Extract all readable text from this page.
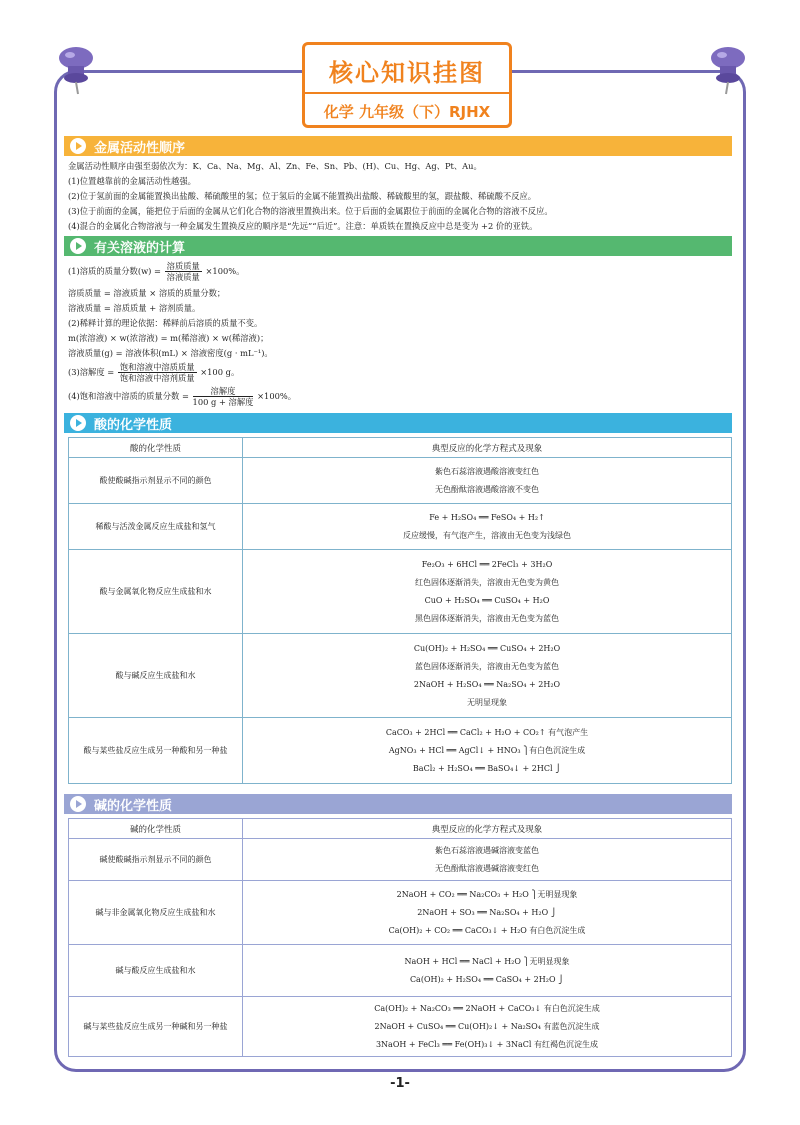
核心知识挂图
化学 九年级（下）RJHX
金属活动性顺序
金属活动性顺序由强至弱依次为：K、Ca、Na、Mg、Al、Zn、Fe、Sn、Pb、(H)、Cu、Hg、Ag、Pt、Au。
(1)位置越靠前的金属活动性越强。
(2)位于氢前面的金属能置换出盐酸、稀硫酸里的氢；位于氢后的金属不能置换出盐酸、稀硫酸里的氢，跟盐酸、稀硫酸不反应。
(3)位于前面的金属，能把位于后面的金属从它们化合物的溶液里置换出来。位于后面的金属跟位于前面的金属化合物的溶液不反应。
(4)混合的金属化合物溶液与一种金属发生置换反应的顺序是“先远”“后近”。注意：单质铁在置换反应中总是变为 +2 价的亚铁。
有关溶液的计算
(1)溶质的质量分数$(w) = \frac{\text{溶质质量}}{\text{溶液质量}} \times 100\%$。
溶质质量 = 溶液质量 × 溶质的质量分数；
溶液质量 = 溶质质量 + 溶剂质量。
(2)稀释计算的理论依据：稀释前后溶质的质量不变。
m(浓溶液) × w(浓溶液) = m(稀溶液) × w(稀溶液)；
溶液质量(g) = 溶液体积(mL) × 溶液密度(g · mL⁻¹)。
(3)溶解度 = $\frac{\text{饱和溶液中溶质质量}}{\text{饱和溶液中溶剂质量}} \times 100$ g。
(4)饱和溶液中溶质的质量分数 = $\frac{\text{溶解度}}{\text{100 g + 溶解度}} \times 100\%$。
酸的化学性质
酸的化学性质	典型反应的化学方程式及现象
酸使酸碱指示剂显示不同的颜色	紫色石蕊溶液遇酸溶液变红色
无色酚酞溶液遇酸溶液不变色

稀酸与活泼金属反应生成盐和氢气	Fe + H₂SO₄ ══ FeSO₄ + H₂↑
反应缓慢，有气泡产生，溶液由无色变为浅绿色

酸与金属氧化物反应生成盐和水	Fe₂O₃ + 6HCl ══ 2FeCl₃ + 3H₂O
红色固体逐渐消失，溶液由无色变为黄色
CuO + H₂SO₄ ══ CuSO₄ + H₂O
黑色固体逐渐消失，溶液由无色变为蓝色

酸与碱反应生成盐和水	Cu(OH)₂ + H₂SO₄ ══ CuSO₄ + 2H₂O
蓝色固体逐渐消失，溶液由无色变为蓝色
2NaOH + H₂SO₄ ══ Na₂SO₄ + 2H₂O
无明显现象

酸与某些盐反应生成另一种酸和另一种盐	CaCO₃ + 2HCl ══ CaCl₂ + H₂O + CO₂↑ 有气泡产生
AgNO₃ + HCl ══ AgCl↓ + HNO₃ ⎫有白色沉淀生成
BaCl₂ + H₂SO₄ ══ BaSO₄↓ + 2HCl ⎭
碱的化学性质
碱的化学性质	典型反应的化学方程式及现象
碱使酸碱指示剂显示不同的颜色	紫色石蕊溶液遇碱溶液变蓝色
无色酚酞溶液遇碱溶液变红色

碱与非金属氧化物反应生成盐和水	2NaOH + CO₂ ══ Na₂CO₃ + H₂O ⎫无明显现象
2NaOH + SO₃ ══ Na₂SO₄ + H₂O ⎭
Ca(OH)₂ + CO₂ ══ CaCO₃↓ + H₂O 有白色沉淀生成

碱与酸反应生成盐和水	NaOH + HCl ══ NaCl + H₂O ⎫无明显现象
Ca(OH)₂ + H₂SO₄ ══ CaSO₄ + 2H₂O ⎭

碱与某些盐反应生成另一种碱和另一种盐	Ca(OH)₂ + Na₂CO₃ ══ 2NaOH + CaCO₃↓ 有白色沉淀生成
2NaOH + CuSO₄ ══ Cu(OH)₂↓ + Na₂SO₄ 有蓝色沉淀生成
3NaOH + FeCl₃ ══ Fe(OH)₃↓ + 3NaCl 有红褐色沉淀生成
-1-
